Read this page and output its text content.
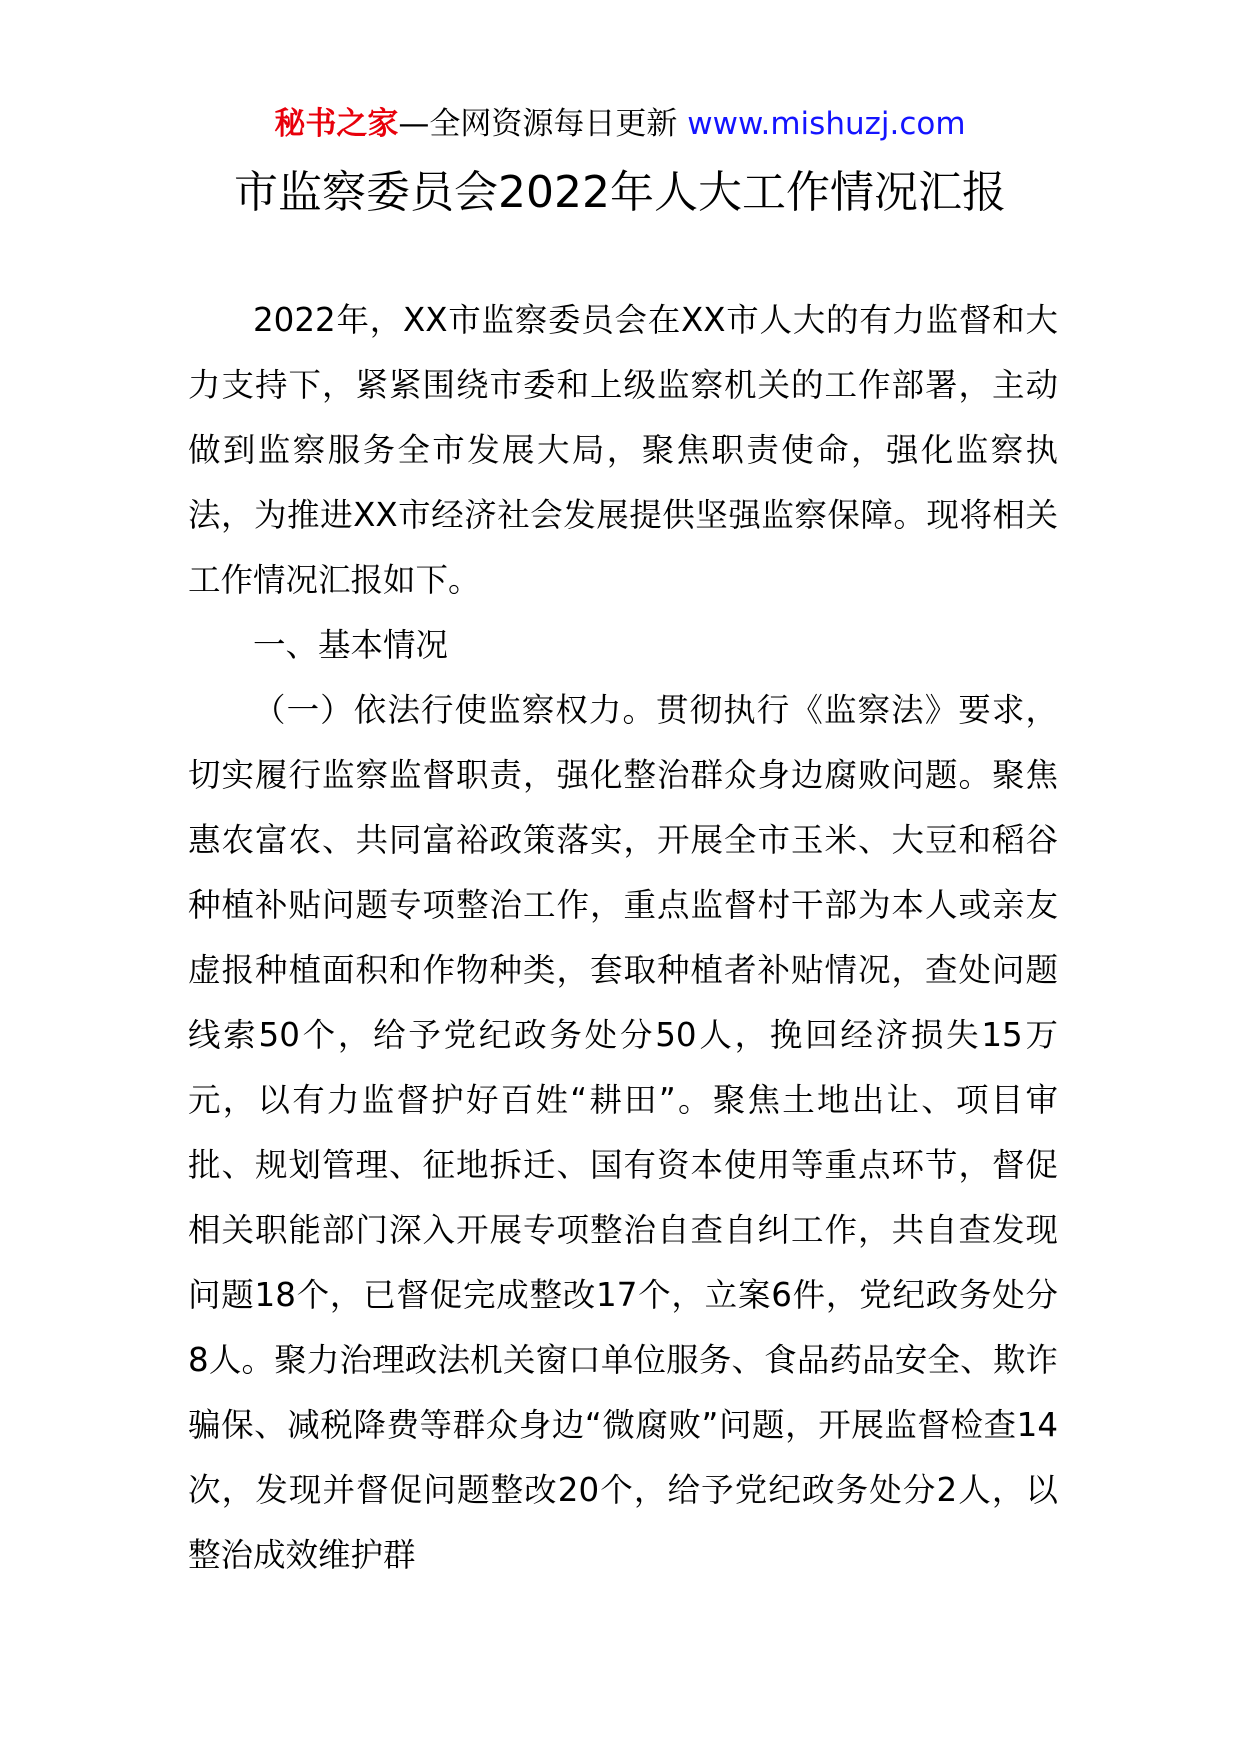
秘书之家—全网资源每日更新 www.mishuzj.com
市监察委员会2022年人大工作情况汇报

2022年，XX市监察委员会在XX市人大的有力监督和大力支持下，紧紧围绕市委和上级监察机关的工作部署，主动做到监察服务全市发展大局，聚焦职责使命，强化监察执法，为推进XX市经济社会发展提供坚强监察保障。现将相关工作情况汇报如下。

一、基本情况

（一）依法行使监察权力。贯彻执行《监察法》要求，切实履行监察监督职责，强化整治群众身边腐败问题。聚焦惠农富农、共同富裕政策落实，开展全市玉米、大豆和稻谷种植补贴问题专项整治工作，重点监督村干部为本人或亲友虚报种植面积和作物种类，套取种植者补贴情况，查处问题线索50个，给予党纪政务处分50人，挽回经济损失15万元，以有力监督护好百姓“耕田”。聚焦土地出让、项目审批、规划管理、征地拆迁、国有资本使用等重点环节，督促相关职能部门深入开展专项整治自查自纠工作，共自查发现问题18个，已督促完成整改17个，立案6件，党纪政务处分8人。聚力治理政法机关窗口单位服务、食品药品安全、欺诈骗保、减税降费等群众身边“微腐败”问题，开展监督检查14次，发现并督促问题整改20个，给予党纪政务处分2人，以整治成效维护群
